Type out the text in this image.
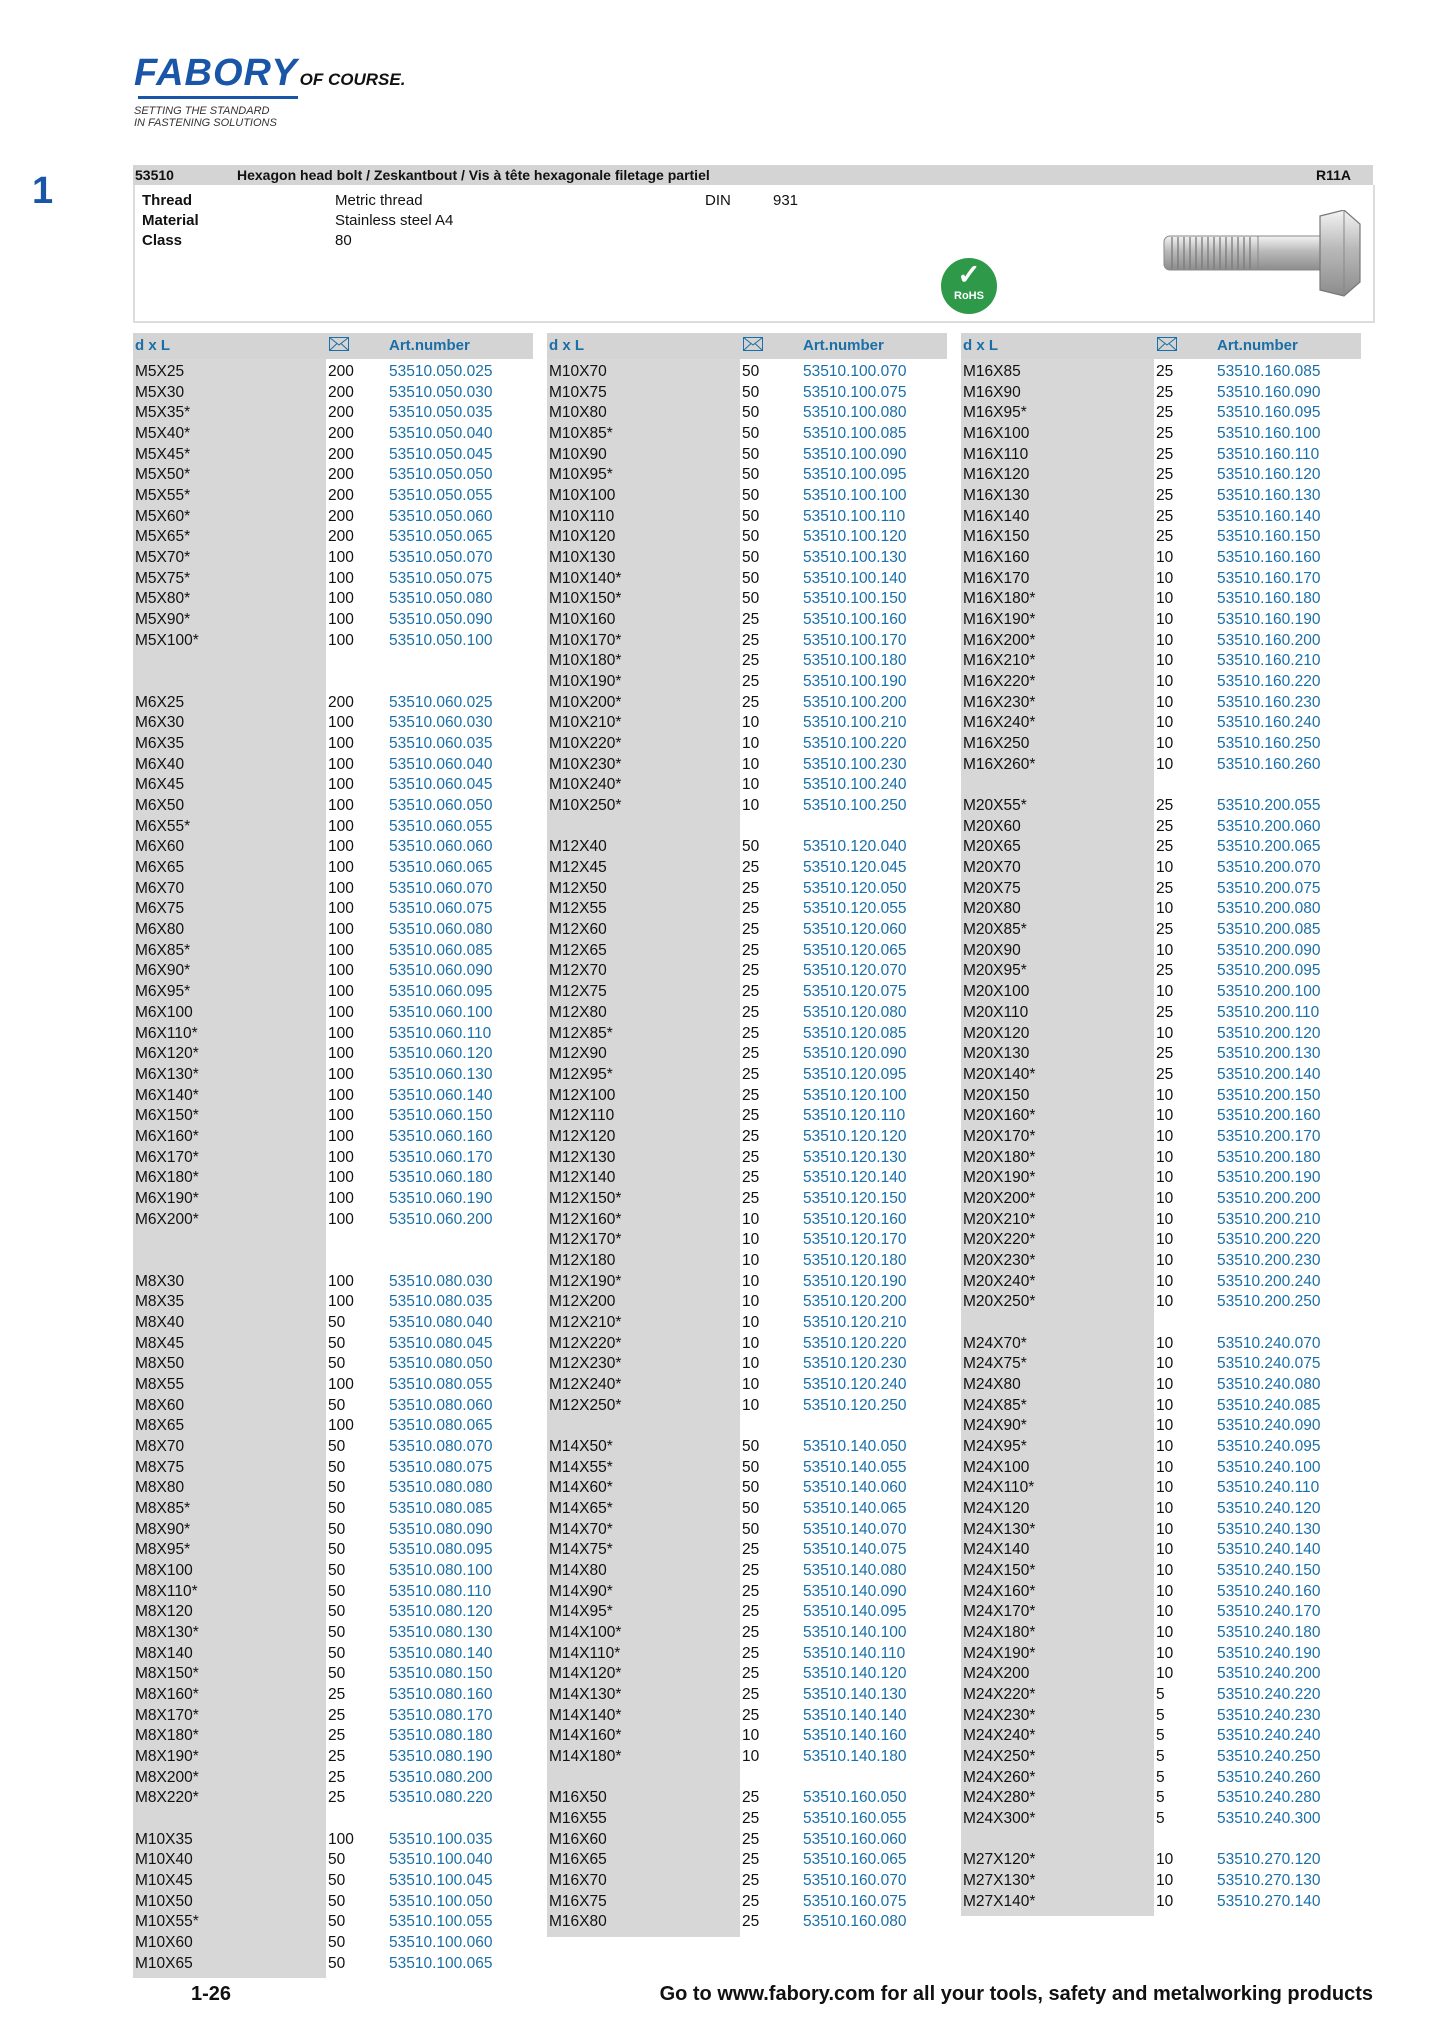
FABORY OF COURSE.
SETTING THE STANDARD
IN FASTENING SOLUTIONS
1	53510	Hexagon head bolt / Zeskantbout / Vis à tête hexagonale filetage partiel	R11A
Thread	Metric thread
Material	Stainless steel A4
Class	80
DIN	931
✓
RoHS
d x L	Art.number
M5X25	200 53510.050.025
M5X30	200 53510.050.030
M5X35*	200 53510.050.035
M5X40*	200 53510.050.040
M5X45*	200 53510.050.045
M5X50*	200 53510.050.050
M5X55*	200 53510.050.055
M5X60*	200 53510.050.060
M5X65*	200 53510.050.065
M5X70*	100 53510.050.070
M5X75*	100 53510.050.075
M5X80*	100 53510.050.080
M5X90*	100 53510.050.090
M5X100*	100 53510.050.100
M6X25	200 53510.060.025
M6X30	100 53510.060.030
M6X35	100 53510.060.035
M6X40	100 53510.060.040
M6X45	100 53510.060.045
M6X50	100 53510.060.050
M6X55*	100 53510.060.055
M6X60	100 53510.060.060
M6X65	100 53510.060.065
M6X70	100 53510.060.070
M6X75	100 53510.060.075
M6X80	100 53510.060.080
M6X85*	100 53510.060.085
M6X90*	100 53510.060.090
M6X95*	100 53510.060.095
M6X100	100 53510.060.100
M6X110*	100 53510.060.110
M6X120*	100 53510.060.120
M6X130*	100 53510.060.130
M6X140*	100 53510.060.140
M6X150*	100 53510.060.150
M6X160*	100 53510.060.160
M6X170*	100 53510.060.170
M6X180*	100 53510.060.180
M6X190*	100 53510.060.190
M6X200*	100 53510.060.200
M8X30	100 53510.080.030
M8X35	100 53510.080.035
M8X40	50	53510.080.040
M8X45	50	53510.080.045
M8X50	50	53510.080.050
M8X55	100 53510.080.055
M8X60	50	53510.080.060
M8X65	100 53510.080.065
M8X70	50	53510.080.070
M8X75	50	53510.080.075
M8X80	50	53510.080.080
M8X85*	50	53510.080.085
M8X90*	50	53510.080.090
M8X95*	50	53510.080.095
M8X100	50	53510.080.100
M8X110*	50	53510.080.110
M8X120	50	53510.080.120
M8X130*	50	53510.080.130
M8X140	50	53510.080.140
M8X150*	50	53510.080.150
M8X160*	25	53510.080.160
M8X170*	25	53510.080.170
M8X180*	25	53510.080.180
M8X190*	25	53510.080.190
M8X200*	25	53510.080.200
M8X220*	25	53510.080.220
M10X35	100 53510.100.035
M10X40	50	53510.100.040
M10X45	50	53510.100.045
M10X50	50	53510.100.050
M10X55*	50	53510.100.055
M10X60	50	53510.100.060
M10X65	50	53510.100.065
d x L	Art.number
M10X70	50	53510.100.070
M10X75	50	53510.100.075
M10X80	50	53510.100.080
M10X85*	50	53510.100.085
M10X90	50	53510.100.090
M10X95*	50	53510.100.095
M10X100	50	53510.100.100
M10X110	50	53510.100.110
M10X120	50	53510.100.120
M10X130	50	53510.100.130
M10X140*	50	53510.100.140
M10X150*	50	53510.100.150
M10X160	25	53510.100.160
M10X170*	25	53510.100.170
M10X180*	25	53510.100.180
M10X190*	25	53510.100.190
M10X200*	25	53510.100.200
M10X210*	10	53510.100.210
M10X220*	10	53510.100.220
M10X230*	10	53510.100.230
M10X240*	10	53510.100.240
M10X250*	10	53510.100.250
M12X40	50	53510.120.040
M12X45	25	53510.120.045
M12X50	25	53510.120.050
M12X55	25	53510.120.055
M12X60	25	53510.120.060
M12X65	25	53510.120.065
M12X70	25	53510.120.070
M12X75	25	53510.120.075
M12X80	25	53510.120.080
M12X85*	25	53510.120.085
M12X90	25	53510.120.090
M12X95*	25	53510.120.095
M12X100	25	53510.120.100
M12X110	25	53510.120.110
M12X120	25	53510.120.120
M12X130	25	53510.120.130
M12X140	25	53510.120.140
M12X150*	25	53510.120.150
M12X160*	10	53510.120.160
M12X170*	10	53510.120.170
M12X180	10	53510.120.180
M12X190*	10	53510.120.190
M12X200	10	53510.120.200
M12X210*	10	53510.120.210
M12X220*	10	53510.120.220
M12X230*	10	53510.120.230
M12X240*	10	53510.120.240
M12X250*	10	53510.120.250
M14X50*	50	53510.140.050
M14X55*	50	53510.140.055
M14X60*	50	53510.140.060
M14X65*	50	53510.140.065
M14X70*	50	53510.140.070
M14X75*	25	53510.140.075
M14X80	25	53510.140.080
M14X90*	25	53510.140.090
M14X95*	25	53510.140.095
M14X100*	25	53510.140.100
M14X110*	25	53510.140.110
M14X120*	25	53510.140.120
M14X130*	25	53510.140.130
M14X140*	25	53510.140.140
M14X160*	10	53510.140.160
M14X180*	10	53510.140.180
M16X50	25	53510.160.050
M16X55	25	53510.160.055
M16X60	25	53510.160.060
M16X65	25	53510.160.065
M16X70	25	53510.160.070
M16X75	25	53510.160.075
M16X80	25	53510.160.080
d x L	Art.number
M16X85	25	53510.160.085
M16X90	25	53510.160.090
M16X95*	25	53510.160.095
M16X100	25	53510.160.100
M16X110	25	53510.160.110
M16X120	25	53510.160.120
M16X130	25	53510.160.130
M16X140	25	53510.160.140
M16X150	25	53510.160.150
M16X160	10	53510.160.160
M16X170	10	53510.160.170
M16X180*	10	53510.160.180
M16X190*	10	53510.160.190
M16X200*	10	53510.160.200
M16X210*	10	53510.160.210
M16X220*	10	53510.160.220
M16X230*	10	53510.160.230
M16X240*	10	53510.160.240
M16X250	10	53510.160.250
M16X260*	10	53510.160.260
M20X55*	25	53510.200.055
M20X60	25	53510.200.060
M20X65	25	53510.200.065
M20X70	10	53510.200.070
M20X75	25	53510.200.075
M20X80	10	53510.200.080
M20X85*	25	53510.200.085
M20X90	10	53510.200.090
M20X95*	25	53510.200.095
M20X100	10	53510.200.100
M20X110	25	53510.200.110
M20X120	10	53510.200.120
M20X130	25	53510.200.130
M20X140*	25	53510.200.140
M20X150	10	53510.200.150
M20X160*	10	53510.200.160
M20X170*	10	53510.200.170
M20X180*	10	53510.200.180
M20X190*	10	53510.200.190
M20X200*	10	53510.200.200
M20X210*	10	53510.200.210
M20X220*	10	53510.200.220
M20X230*	10	53510.200.230
M20X240*	10	53510.200.240
M20X250*	10	53510.200.250
M24X70*	10	53510.240.070
M24X75*	10	53510.240.075
M24X80	10	53510.240.080
M24X85*	10	53510.240.085
M24X90*	10	53510.240.090
M24X95*	10	53510.240.095
M24X100	10	53510.240.100
M24X110*	10	53510.240.110
M24X120	10	53510.240.120
M24X130*	10	53510.240.130
M24X140	10	53510.240.140
M24X150*	10	53510.240.150
M24X160*	10	53510.240.160
M24X170*	10	53510.240.170
M24X180*	10	53510.240.180
M24X190*	10	53510.240.190
M24X200	10	53510.240.200
M24X220*	5	53510.240.220
M24X230*	5	53510.240.230
M24X240*	5	53510.240.240
M24X250*	5	53510.240.250
M24X260*	5	53510.240.260
M24X280*	5	53510.240.280
M24X300*	5	53510.240.300
M27X120*	10	53510.270.120
M27X130*	10	53510.270.130
M27X140*	10	53510.270.140
1-26	Go to www.fabory.com for all your tools, safety and metalworking products
